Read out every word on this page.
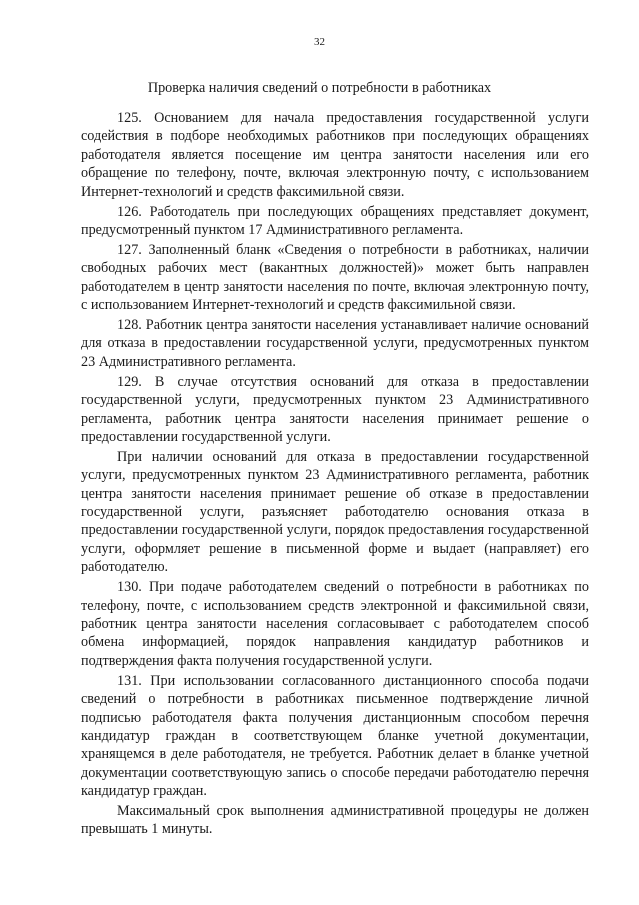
32
Проверка наличия сведений о потребности в работниках

125. Основанием для начала предоставления государственной услуги содействия в подборе необходимых работников при последующих обращениях работодателя является посещение им центра занятости населения или его обращение по телефону, почте, включая электронную почту, с использованием Интернет-технологий и средств факсимильной связи.

126. Работодатель при последующих обращениях представляет документ, предусмотренный пунктом 17 Административного регламента.

127. Заполненный бланк «Сведения о потребности в работниках, наличии свободных рабочих мест (вакантных должностей)» может быть направлен работодателем в центр занятости населения по почте, включая электронную почту, с использованием Интернет-технологий и средств факсимильной связи.

128. Работник центра занятости населения устанавливает наличие оснований для отказа в предоставлении государственной услуги, предусмотренных пунктом 23 Административного регламента.

129. В случае отсутствия оснований для отказа в предоставлении государственной услуги, предусмотренных пунктом 23 Административного регламента, работник центра занятости населения принимает решение о предоставлении государственной услуги.

При наличии оснований для отказа в предоставлении государственной услуги, предусмотренных пунктом 23 Административного регламента, работник центра занятости населения принимает решение об отказе в предоставлении государственной услуги, разъясняет работодателю основания отказа в предоставлении государственной услуги, порядок предоставления государственной услуги, оформляет решение в письменной форме и выдает (направляет) его работодателю.

130. При подаче работодателем сведений о потребности в работниках по телефону, почте, с использованием средств электронной и факсимильной связи, работник центра занятости населения согласовывает с работодателем способ обмена информацией, порядок направления кандидатур работников и подтверждения факта получения государственной услуги.

131. При использовании согласованного дистанционного способа подачи сведений о потребности в работниках письменное подтверждение личной подписью работодателя факта получения дистанционным способом перечня кандидатур граждан в соответствующем бланке учетной документации, хранящемся в деле работодателя, не требуется. Работник делает в бланке учетной документации соответствующую запись о способе передачи работодателю перечня кандидатур граждан.

Максимальный срок выполнения административной процедуры не должен превышать 1 минуты.
